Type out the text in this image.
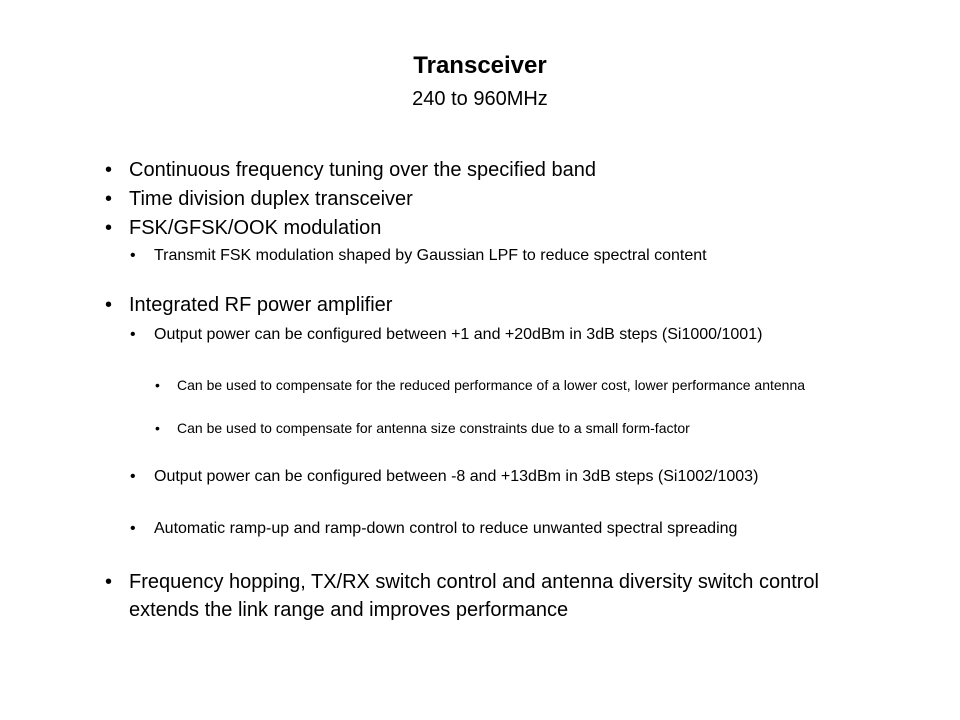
Transceiver
240 to 960MHz
• Continuous frequency tuning over the specified band
• Time division duplex transceiver
• FSK/GFSK/OOK modulation
•	Transmit FSK modulation shaped by Gaussian LPF to reduce spectral content
• Integrated RF power amplifier
•	Output power can be configured between +1 and +20dBm in 3dB steps (Si1000/1001)
•	Can be used to compensate for the reduced performance of a lower cost, lower performance antenna
•	Can be used to compensate for antenna size constraints due to a small form-factor
•	Output power can be configured between -8 and +13dBm in 3dB steps (Si1002/1003)
•	Automatic ramp-up and ramp-down control to reduce unwanted spectral spreading
• Frequency hopping, TX/RX switch control and antenna diversity switch control extends the link range and improves performance
